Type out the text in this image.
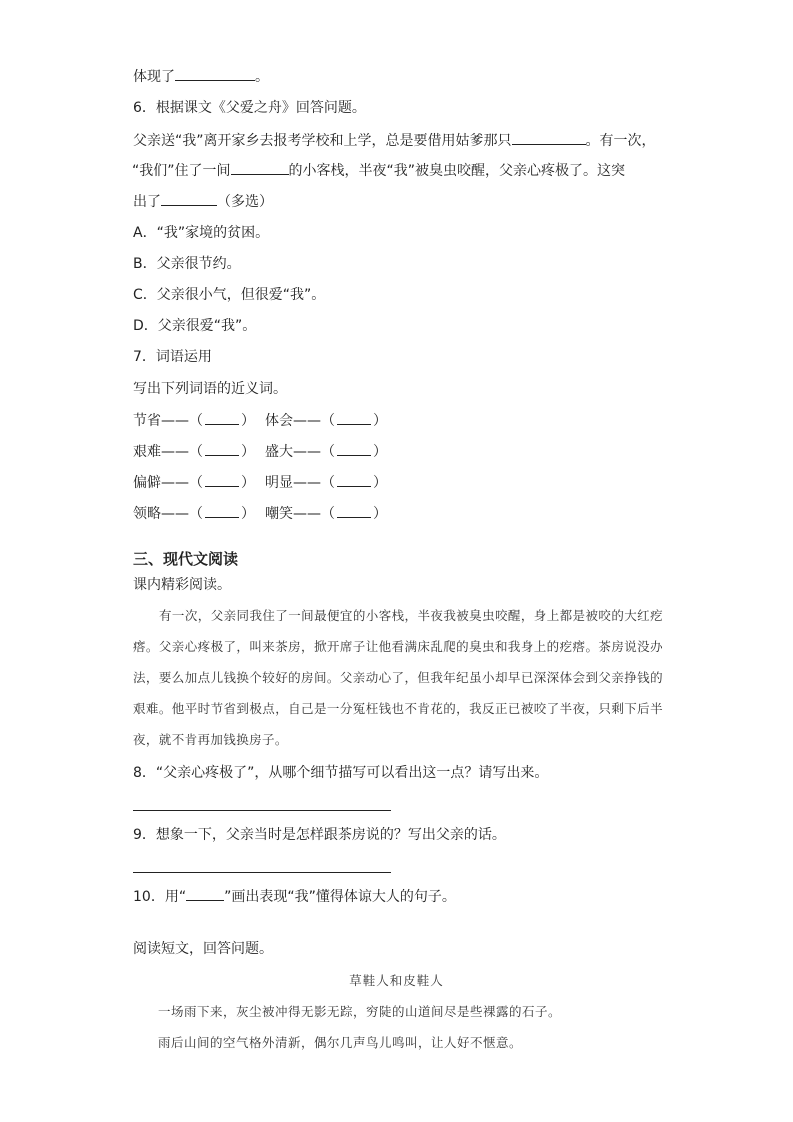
体现了	。
6．根据课文《父爱之舟》回答问题。
父亲送“我”离开家乡去报考学校和上学，总是要借用姑爹那只	。有一次，
“我们”住了一间	的小客栈，半夜“我”被臭虫咬醒，父亲心疼极了。这突
出了	（多选）
A．“我”家境的贫困。
B．父亲很节约。
C．父亲很小气，但很爱“我”。
D．父亲很爱“我”。
7．词语运用
写出下列词语的近义词。
节省——（	） 体会——（	）
艰难——（	） 盛大——（	）
偏僻——（	） 明显——（	）
领略——（	） 嘲笑——（	）
三、现代文阅读
课内精彩阅读。

有一次，父亲同我住了一间最便宜的小客栈，半夜我被臭虫咬醒，身上都是被咬的大红疙瘩。父亲心疼极了，叫来茶房，掀开席子让他看满床乱爬的臭虫和我身上的疙瘩。茶房说没办法，要么加点儿钱换个较好的房间。父亲动心了，但我年纪虽小却早已深深体会到父亲挣钱的艰难。他平时节省到极点，自己是一分冤枉钱也不肯花的，我反正已被咬了半夜，只剩下后半夜，就不肯再加钱换房子。

8．“父亲心疼极了”，从哪个细节描写可以看出这一点？请写出来。
9．想象一下，父亲当时是怎样跟茶房说的？写出父亲的话。
10．用“	”画出表现“我”懂得体谅大人的句子。
阅读短文，回答问题。
草鞋人和皮鞋人
一场雨下来，灰尘被冲得无影无踪，穷陡的山道间尽是些裸露的石子。
雨后山间的空气格外清新，偶尔几声鸟儿鸣叫，让人好不惬意。
